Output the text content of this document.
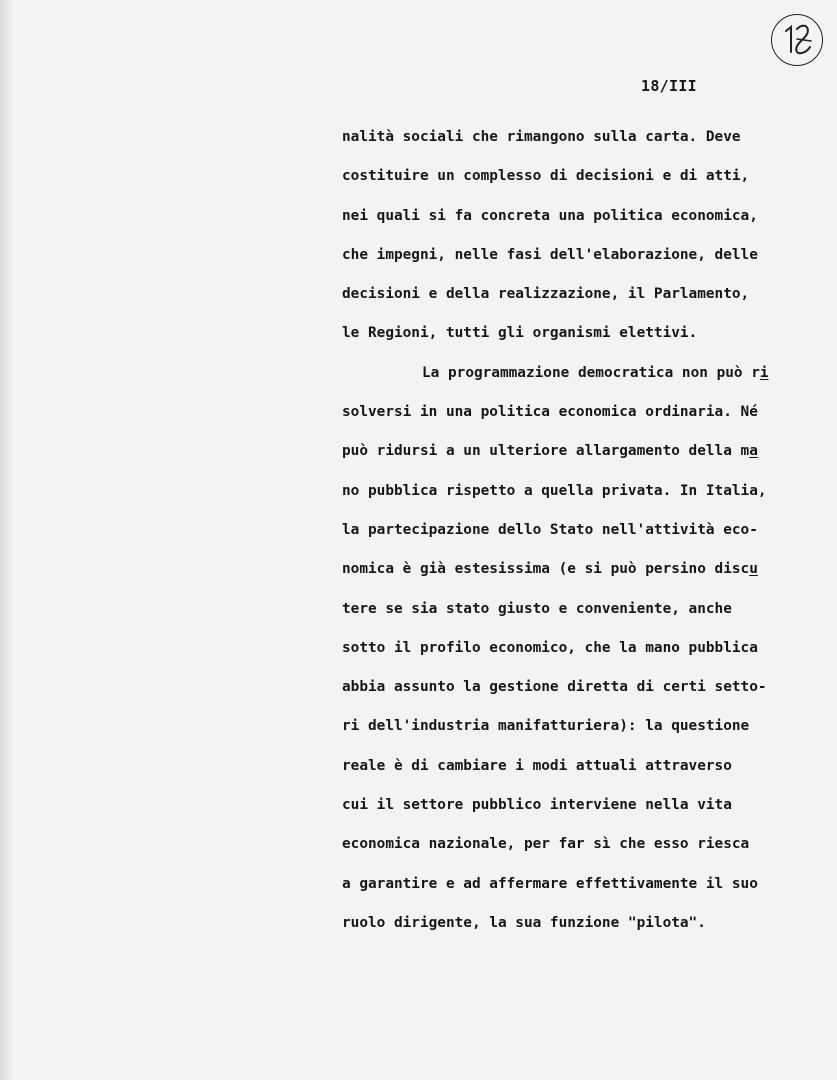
18/III
nalità sociali che rimangono sulla carta. Deve
costituire un complesso di decisioni e di atti,
nei quali si fa concreta una politica economica,
che impegni, nelle fasi dell'elaborazione, delle
decisioni e della realizzazione, il Parlamento,
le Regioni, tutti gli organismi elettivi.
La programmazione democratica non può ri
solversi in una politica economica ordinaria. Né
può ridursi a un ulteriore allargamento della ma
no pubblica rispetto a quella privata. In Italia,
la partecipazione dello Stato nell'attività eco-
nomica è già estesissima (e si può persino discu
tere se sia stato giusto e conveniente, anche
sotto il profilo economico, che la mano pubblica
abbia assunto la gestione diretta di certi setto-
ri dell'industria manifatturiera): la questione
reale è di cambiare i modi attuali attraverso
cui il settore pubblico interviene nella vita
economica nazionale, per far sì che esso riesca
a garantire e ad affermare effettivamente il suo
ruolo dirigente, la sua funzione "pilota".
